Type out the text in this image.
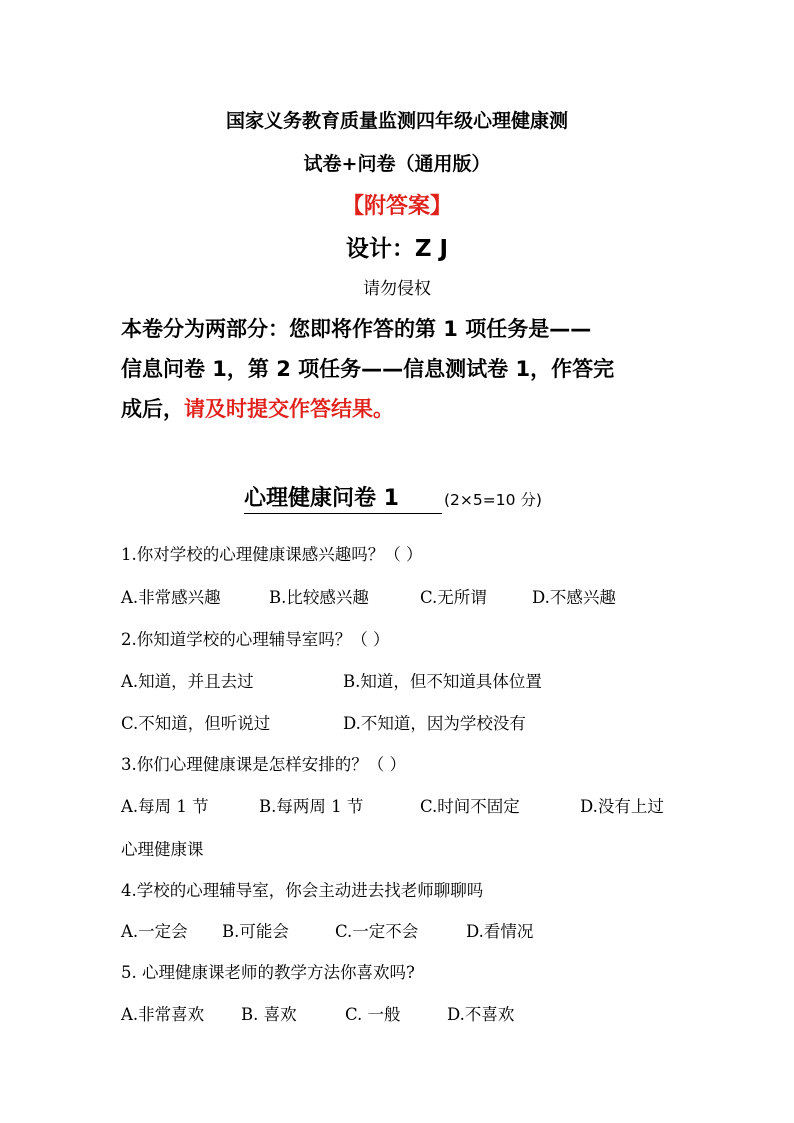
国家义务教育质量监测四年级心理健康测
试卷+问卷（通用版）
【附答案】
设计：Z J
请勿侵权
本卷分为两部分：您即将作答的第 1 项任务是——
信息问卷 1，第 2 项任务——信息测试卷 1，作答完
成后，请及时提交作答结果。
心理健康问卷 1	(2×5=10 分)
1.你对学校的心理健康课感兴趣吗？（ ）
A.非常感兴趣	B.比较感兴趣	C.无所谓	D.不感兴趣
2.你知道学校的心理辅导室吗？（ ）
A.知道，并且去过	B.知道，但不知道具体位置
C.不知道，但听说过	D.不知道，因为学校没有
3.你们心理健康课是怎样安排的？（ ）
A.每周 1 节	B.每两周 1 节	C.时间不固定	D.没有上过
心理健康课
4.学校的心理辅导室，你会主动进去找老师聊聊吗
A.一定会 B.可能会	C.一定不会	D.看情况
5. 心理健康课老师的教学方法你喜欢吗?
A.非常喜欢 B. 喜欢	C. 一般	D.不喜欢
